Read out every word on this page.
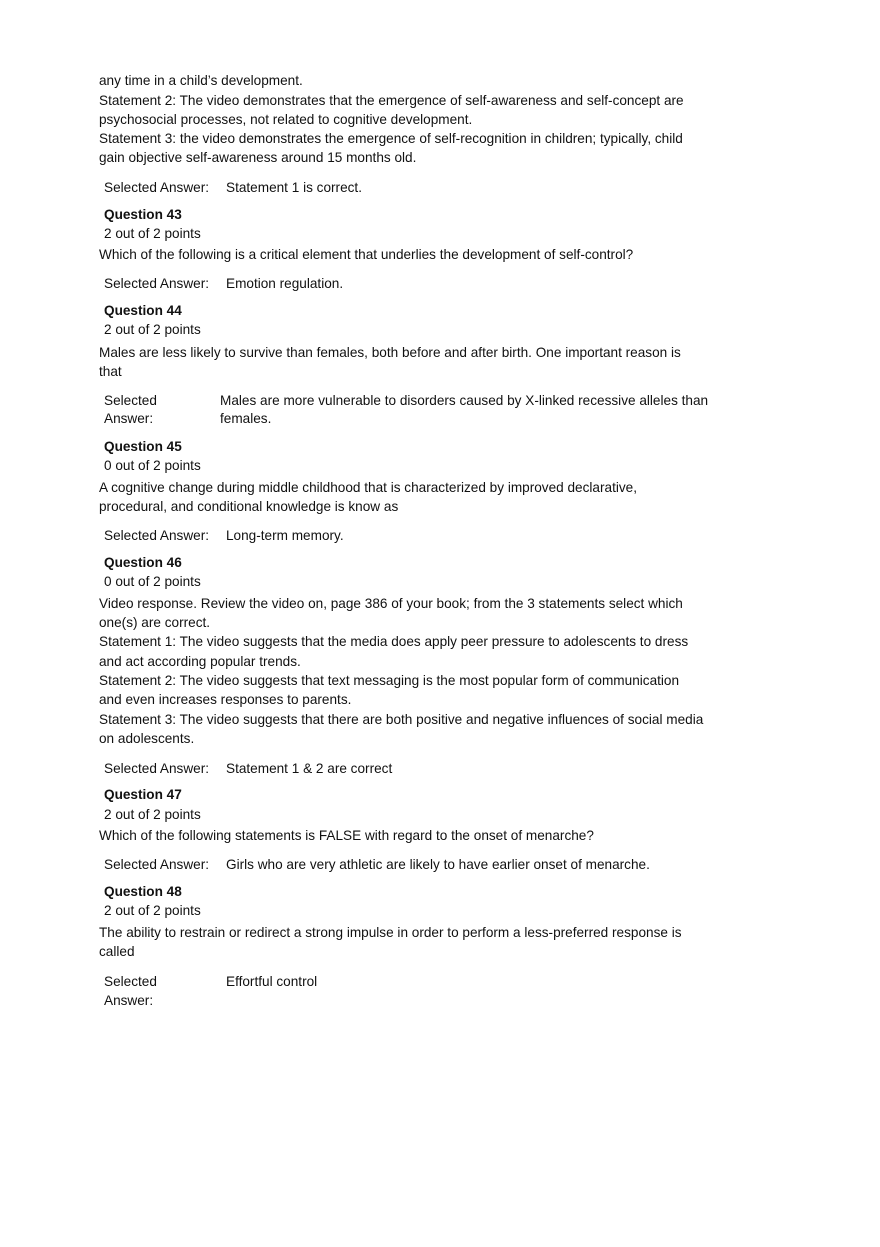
any time in a child’s development.
Statement 2: The video demonstrates that the emergence of self-awareness and self-concept are
psychosocial processes, not related to cognitive development.
Statement 3: the video demonstrates the emergence of self-recognition in children; typically, child
gain objective self-awareness around 15 months old.
Selected Answer: Statement 1 is correct.
Question 43
2 out of 2 points
Which of the following is a critical element that underlies the development of self-control?
Selected Answer: Emotion regulation.
Question 44
2 out of 2 points
Males are less likely to survive than females, both before and after birth. One important reason is
that
Selected
Answer:
Males are more vulnerable to disorders caused by X-linked recessive alleles than
females.
Question 45
0 out of 2 points
A cognitive change during middle childhood that is characterized by improved declarative,
procedural, and conditional knowledge is know as
Selected Answer: Long-term memory.
Question 46
0 out of 2 points
Video response. Review the video on, page 386 of your book; from the 3 statements select which
one(s) are correct.
Statement 1: The video suggests that the media does apply peer pressure to adolescents to dress
and act according popular trends.
Statement 2: The video suggests that text messaging is the most popular form of communication
and even increases responses to parents.
Statement 3: The video suggests that there are both positive and negative influences of social media
on adolescents.
Selected Answer: Statement 1 & 2 are correct
Question 47
2 out of 2 points
Which of the following statements is FALSE with regard to the onset of menarche?
Selected Answer: Girls who are very athletic are likely to have earlier onset of menarche.
Question 48
2 out of 2 points
The ability to restrain or redirect a strong impulse in order to perform a less-preferred response is
called
Selected
Answer:
Effortful control
